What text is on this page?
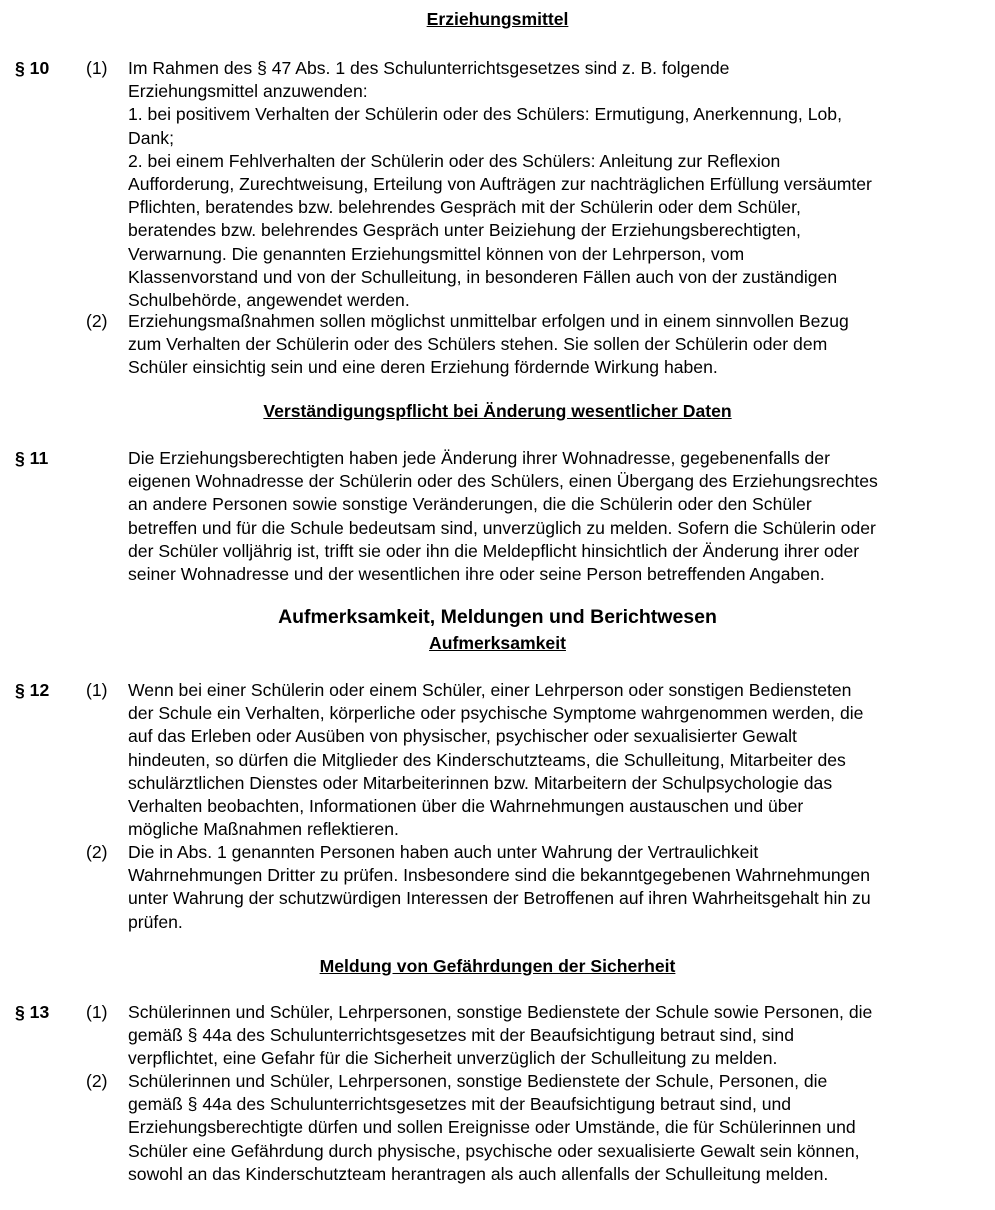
Erziehungsmittel
§ 10 (1) Im Rahmen des § 47 Abs. 1 des Schulunterrichtsgesetzes sind z. B. folgende
Erziehungsmittel anzuwenden:
1. bei positivem Verhalten der Schülerin oder des Schülers: Ermutigung, Anerkennung, Lob,
Dank;
2. bei einem Fehlverhalten der Schülerin oder des Schülers: Anleitung zur Reflexion
Aufforderung, Zurechtweisung, Erteilung von Aufträgen zur nachträglichen Erfüllung versäumter
Pflichten, beratendes bzw. belehrendes Gespräch mit der Schülerin oder dem Schüler,
beratendes bzw. belehrendes Gespräch unter Beiziehung der Erziehungsberechtigten,
Verwarnung. Die genannten Erziehungsmittel können von der Lehrperson, vom
Klassenvorstand und von der Schulleitung, in besonderen Fällen auch von der zuständigen
Schulbehörde, angewendet werden.
(2) Erziehungsmaßnahmen sollen möglichst unmittelbar erfolgen und in einem sinnvollen Bezug
zum Verhalten der Schülerin oder des Schülers stehen. Sie sollen der Schülerin oder dem
Schüler einsichtig sein und eine deren Erziehung fördernde Wirkung haben.
Verständigungspflicht bei Änderung wesentlicher Daten
§ 11	Die Erziehungsberechtigten haben jede Änderung ihrer Wohnadresse, gegebenenfalls der
eigenen Wohnadresse der Schülerin oder des Schülers, einen Übergang des Erziehungsrechtes
an andere Personen sowie sonstige Veränderungen, die die Schülerin oder den Schüler
betreffen und für die Schule bedeutsam sind, unverzüglich zu melden. Sofern die Schülerin oder
der Schüler volljährig ist, trifft sie oder ihn die Meldepflicht hinsichtlich der Änderung ihrer oder
seiner Wohnadresse und der wesentlichen ihre oder seine Person betreffenden Angaben.
Aufmerksamkeit, Meldungen und Berichtwesen
Aufmerksamkeit
§ 12 (1) Wenn bei einer Schülerin oder einem Schüler, einer Lehrperson oder sonstigen Bediensteten
der Schule ein Verhalten, körperliche oder psychische Symptome wahrgenommen werden, die
auf das Erleben oder Ausüben von physischer, psychischer oder sexualisierter Gewalt
hindeuten, so dürfen die Mitglieder des Kinderschutzteams, die Schulleitung, Mitarbeiter des
schulärztlichen Dienstes oder Mitarbeiterinnen bzw. Mitarbeitern der Schulpsychologie das
Verhalten beobachten, Informationen über die Wahrnehmungen austauschen und über
mögliche Maßnahmen reflektieren.
(2) Die in Abs. 1 genannten Personen haben auch unter Wahrung der Vertraulichkeit
Wahrnehmungen Dritter zu prüfen. Insbesondere sind die bekanntgegebenen Wahrnehmungen
unter Wahrung der schutzwürdigen Interessen der Betroffenen auf ihren Wahrheitsgehalt hin zu
prüfen.
Meldung von Gefährdungen der Sicherheit
§ 13 (1) Schülerinnen und Schüler, Lehrpersonen, sonstige Bedienstete der Schule sowie Personen, die
gemäß § 44a des Schulunterrichtsgesetzes mit der Beaufsichtigung betraut sind, sind
verpflichtet, eine Gefahr für die Sicherheit unverzüglich der Schulleitung zu melden.
(2) Schülerinnen und Schüler, Lehrpersonen, sonstige Bedienstete der Schule, Personen, die
gemäß § 44a des Schulunterrichtsgesetzes mit der Beaufsichtigung betraut sind, und
Erziehungsberechtigte dürfen und sollen Ereignisse oder Umstände, die für Schülerinnen und
Schüler eine Gefährdung durch physische, psychische oder sexualisierte Gewalt sein können,
sowohl an das Kinderschutzteam herantragen als auch allenfalls der Schulleitung melden.
